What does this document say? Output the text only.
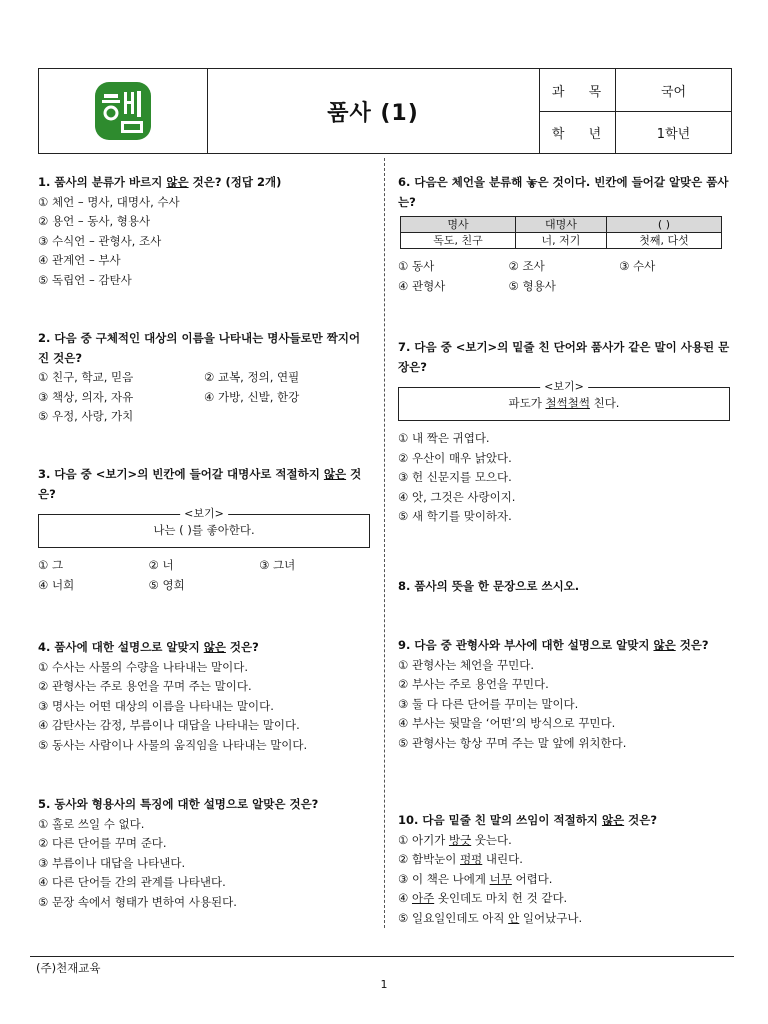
품사 (1)
과 목	국어
학 년	1학년

1. 품사의 분류가 바르지 않은 것은? (정답 2개)

① 체언 – 명사, 대명사, 수사

② 용언 – 동사, 형용사

③ 수식언 – 관형사, 조사

④ 관계언 – 부사

⑤ 독립언 – 감탄사

2. 다음 중 구체적인 대상의 이름을 나타내는 명사들로만 짝지어진 것은?

① 친구, 학교, 믿음	② 교복, 정의, 연필

③ 책상, 의자, 자유	④ 가방, 신발, 한강

⑤ 우정, 사랑, 가치

3. 다음 중 <보기>의 빈칸에 들어갈 대명사로 적절하지 않은 것은?

<보기>
나는 ( )를 좋아한다.

① 그	② 너	③ 그녀

④ 너희	⑤ 영희

4. 품사에 대한 설명으로 알맞지 않은 것은?

① 수사는 사물의 수량을 나타내는 말이다.

② 관형사는 주로 용언을 꾸며 주는 말이다.

③ 명사는 어떤 대상의 이름을 나타내는 말이다.

④ 감탄사는 감정, 부름이나 대답을 나타내는 말이다.

⑤ 동사는 사람이나 사물의 움직임을 나타내는 말이다.

5. 동사와 형용사의 특징에 대한 설명으로 알맞은 것은?

① 홀로 쓰일 수 없다.

② 다른 단어를 꾸며 준다.

③ 부름이나 대답을 나타낸다.

④ 다른 단어들 간의 관계를 나타낸다.

⑤ 문장 속에서 형태가 변하여 사용된다.

6. 다음은 체언을 분류해 놓은 것이다. 빈칸에 들어갈 알맞은 품사는?

명사	대명사	( )
독도, 친구	너, 저기	첫째, 다섯

① 동사	② 조사	③ 수사

④ 관형사	⑤ 형용사

7. 다음 중 <보기>의 밑줄 친 단어와 품사가 같은 말이 사용된 문장은?

<보기>
파도가 철썩철썩 친다.

① 내 짝은 귀엽다.

② 우산이 매우 낡았다.

③ 헌 신문지를 모으다.

④ 앗, 그것은 사랑이지.

⑤ 새 학기를 맞이하자.

8. 품사의 뜻을 한 문장으로 쓰시오.

9. 다음 중 관형사와 부사에 대한 설명으로 알맞지 않은 것은?

① 관형사는 체언을 꾸민다.

② 부사는 주로 용언을 꾸민다.

③ 둘 다 다른 단어를 꾸미는 말이다.

④ 부사는 뒷말을 ‘어떤’의 방식으로 꾸민다.

⑤ 관형사는 항상 꾸며 주는 말 앞에 위치한다.

10. 다음 밑줄 친 말의 쓰임이 적절하지 않은 것은?

① 아기가 방긋 웃는다.

② 함박눈이 펑펑 내린다.

③ 이 책은 나에게 너무 어렵다.

④ 아주 옷인데도 마치 헌 것 같다.

⑤ 일요일인데도 아직 안 일어났구나.

(주)천재교육
1
